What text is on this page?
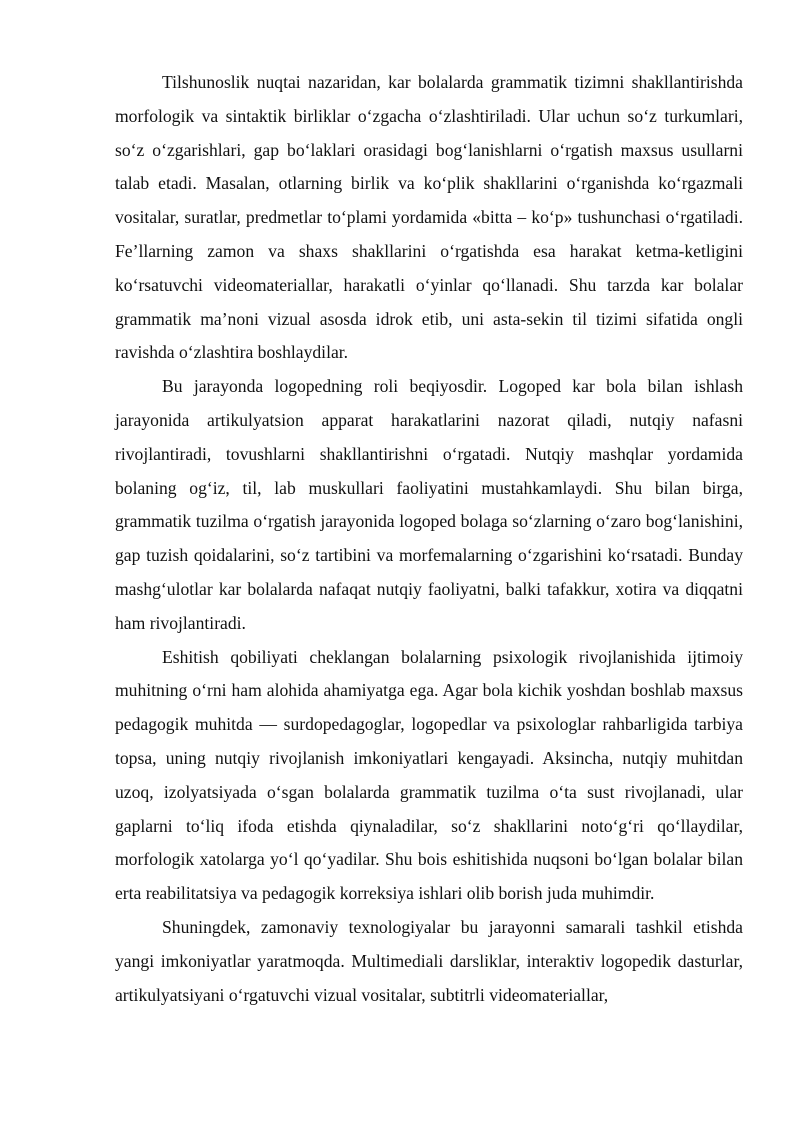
Tilshunoslik nuqtai nazaridan, kar bolalarda grammatik tizimni shakllantirishda morfologik va sintaktik birliklar o‘zgacha o‘zlashtiriladi. Ular uchun so‘z turkumlari, so‘z o‘zgarishlari, gap bo‘laklari orasidagi bog‘lanishlarni o‘rgatish maxsus usullarni talab etadi. Masalan, otlarning birlik va ko‘plik shakllarini o‘rganishda ko‘rgazmali vositalar, suratlar, predmetlar to‘plami yordamida «bitta – ko‘p» tushunchasi o‘rgatiladi. Fe’llarning zamon va shaxs shakllarini o‘rgatishda esa harakat ketma-ketligini ko‘rsatuvchi videomateriallar, harakatli o‘yinlar qo‘llanadi. Shu tarzda kar bolalar grammatik ma’noni vizual asosda idrok etib, uni asta-sekin til tizimi sifatida ongli ravishda o‘zlashtira boshlaydilar.

Bu jarayonda logopedning roli beqiyosdir. Logoped kar bola bilan ishlash jarayonida artikulyatsion apparat harakatlarini nazorat qiladi, nutqiy nafasni rivojlantiradi, tovushlarni shakllantirishni o‘rgatadi. Nutqiy mashqlar yordamida bolaning og‘iz, til, lab muskullari faoliyatini mustahkamlaydi. Shu bilan birga, grammatik tuzilma o‘rgatish jarayonida logoped bolaga so‘zlarning o‘zaro bog‘lanishini, gap tuzish qoidalarini, so‘z tartibini va morfemalarning o‘zgarishini ko‘rsatadi. Bunday mashg‘ulotlar kar bolalarda nafaqat nutqiy faoliyatni, balki tafakkur, xotira va diqqatni ham rivojlantiradi.

Eshitish qobiliyati cheklangan bolalarning psixologik rivojlanishida ijtimoiy muhitning o‘rni ham alohida ahamiyatga ega. Agar bola kichik yoshdan boshlab maxsus pedagogik muhitda — surdopedagoglar, logopedlar va psixologlar rahbarligida tarbiya topsa, uning nutqiy rivojlanish imkoniyatlari kengayadi. Aksincha, nutqiy muhitdan uzoq, izolyatsiyada o‘sgan bolalarda grammatik tuzilma o‘ta sust rivojlanadi, ular gaplarni to‘liq ifoda etishda qiynaladilar, so‘z shakllarini noto‘g‘ri qo‘llaydilar, morfologik xatolarga yo‘l qo‘yadilar. Shu bois eshitishida nuqsoni bo‘lgan bolalar bilan erta reabilitatsiya va pedagogik korreksiya ishlari olib borish juda muhimdir.

Shuningdek, zamonaviy texnologiyalar bu jarayonni samarali tashkil etishda yangi imkoniyatlar yaratmoqda. Multimediali darsliklar, interaktiv logopedik dasturlar, artikulyatsiyani o‘rgatuvchi vizual vositalar, subtitrli videomateriallar,
